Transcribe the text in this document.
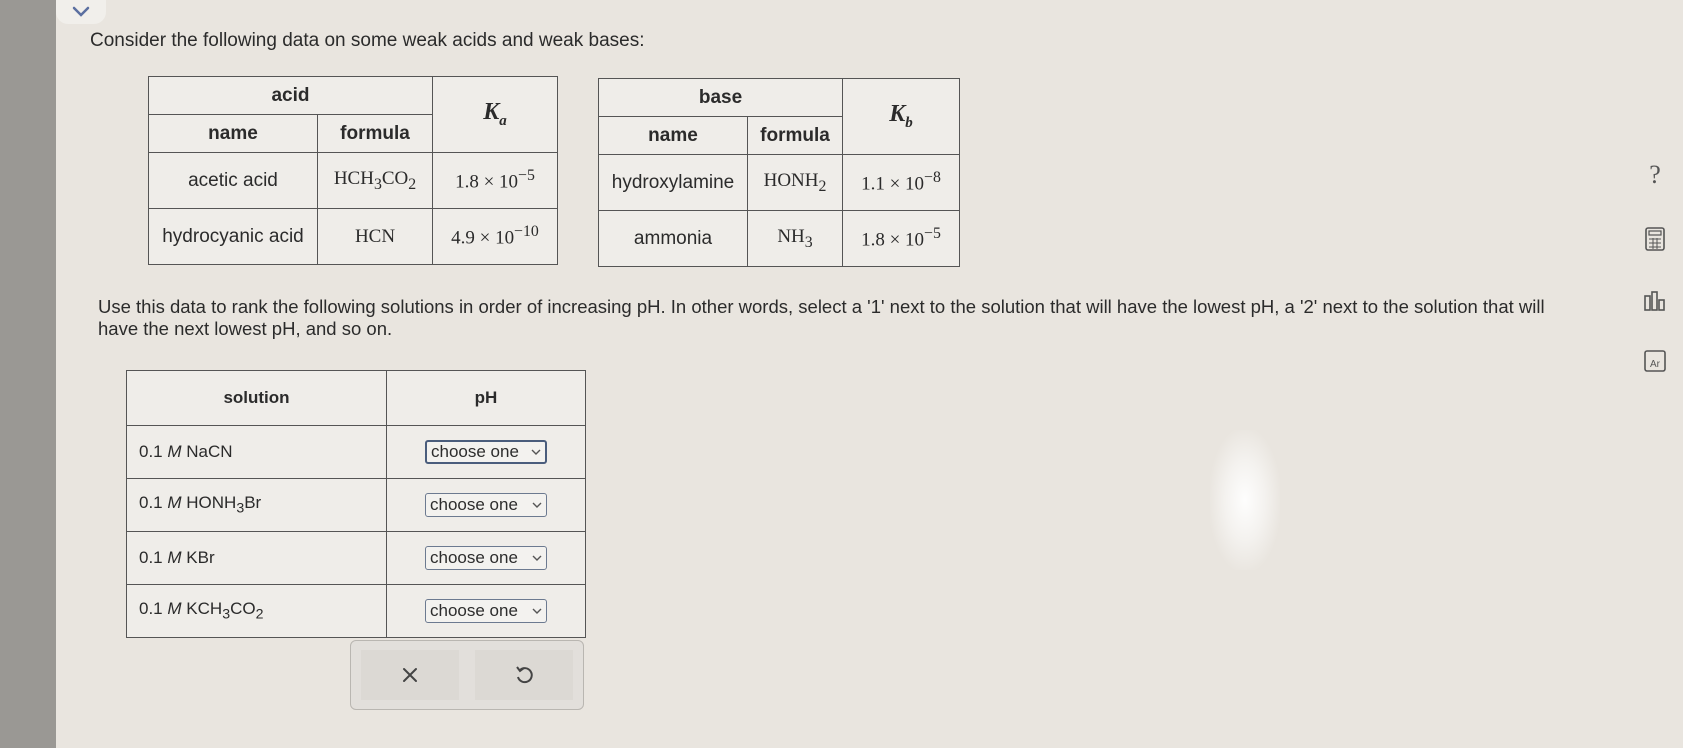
Consider the following data on some weak acids and weak bases:
acid		$K_a$
name	formula	
acetic acid	$HCH_3CO_2$	$1.8 \times 10^{-5}$
hydrocyanic acid	HCN	$4.9 \times 10^{-10}$
base		$K_b$
name	formula	
hydroxylamine	$HONH_2$	$1.1 \times 10^{-8}$
ammonia	$NH_3$	$1.8 \times 10^{-5}$
Use this data to rank the following solutions in order of increasing pH. In other words, select a '1' next to the solution that will have the lowest pH, a '2' next to the solution that will have the next lowest pH, and so on.
solution	pH
0.1 M NaCN	choose one

0.1 M $HONH_3Br$	choose one

0.1 M KBr	choose one

0.1 M $KCH_3CO_2$	choose one
?
Ar
